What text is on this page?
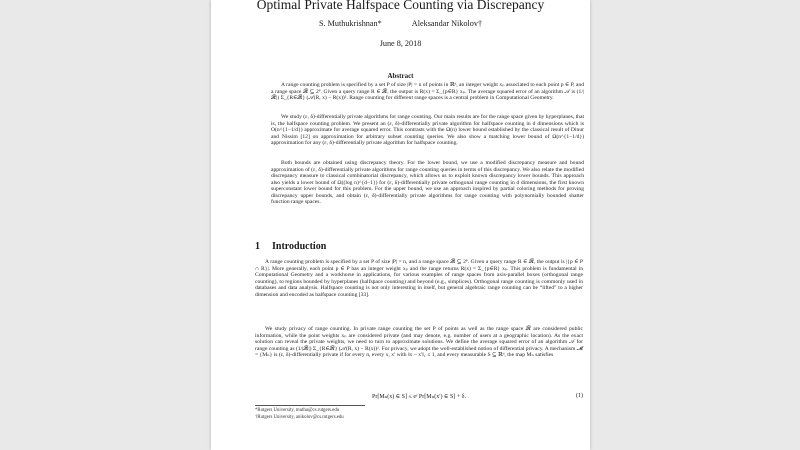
Optimal Private Halfspace Counting via Discrepancy
S. Muthukrishnan*	Aleksandar Nikolov†
June 8, 2018
Abstract
A range counting problem is specified by a set P of size |P| = n of points in ℝᵈ, an integer weight xₚ associated to each point p ∈ P, and a range space 𝓡 ⊆ 2ᴾ. Given a query range R ∈ 𝓡, the output is R(x) = Σ_{p∈R} xₚ. The average squared error of an algorithm 𝒜 is (1/|𝓡|) Σ_{R∈𝓡} (𝒜(R, x) − R(x))². Range counting for different range spaces is a central problem in Computational Geometry.
We study (ε, δ)-differentially private algorithms for range counting. Our main results are for the range space given by hyperplanes, that is, the halfspace counting problem. We present an (ε, δ)-differentially private algorithm for halfspace counting in d dimensions which is O(n^{1−1/d}) approximate for average squared error. This contrasts with the Ω(n) lower bound established by the classical result of Dinur and Nissim [12] on approximation for arbitrary subset counting queries. We also show a matching lower bound of Ω(n^{1−1/d}) approximation for any (ε, δ)-differentially private algorithm for halfspace counting.
Both bounds are obtained using discrepancy theory. For the lower bound, we use a modified discrepancy measure and bound approximation of (ε, δ)-differentially private algorithms for range counting queries in terms of this discrepancy. We also relate the modified discrepancy measure to classical combinatorial discrepancy, which allows us to exploit known discrepancy lower bounds. This approach also yields a lower bound of Ω((log n)^{d−1}) for (ε, δ)-differentially private orthogonal range counting in d dimensions, the first known superconstant lower bound for this problem. For the upper bound, we use an approach inspired by partial coloring methods for proving discrepancy upper bounds, and obtain (ε, δ)-differentially private algorithms for range counting with polynomially bounded shatter function range spaces.
1 Introduction
A range counting problem is specified by a set P of size |P| = n, and a range space 𝓡 ⊆ 2ᴾ. Given a query range R ∈ 𝓡, the output is |{p ∈ P ∩ R}|. More generally, each point p ∈ P has an integer weight xₚ and the range returns R(x) = Σ_{p∈R} xₚ. This problem is fundamental in Computational Geometry and a workhorse in applications, for various examples of range spaces from axis-parallel boxes (orthogonal range counting), to regions bounded by hyperplanes (halfspace counting) and beyond (e.g., simplices). Orthogonal range counting is commonly used in databases and data analysis. Halfspace counting is not only interesting in itself, but general algebraic range counting can be “lifted” to a higher dimension and encoded as halfspace counting [33].
We study privacy of range counting. In private range counting the set P of points as well as the range space 𝓡 are considered public information, while the point weights xₚ are considered private (and may denote, e.g. number of users at a geographic location). As the exact solution can reveal the private weights, we need to turn to approximate solutions. We define the average squared error of an algorithm 𝒜 for range counting as (1/|𝓡|) Σ_{R∈𝓡} (𝒜(R, x) − R(x))². For privacy, we adopt the well-established notion of differential privacy. A mechanism 𝓜 = {Mₙ} is (ε, δ)-differentially private if for every n, every x, x′ with ‖x − x′‖₁ ≤ 1, and every measurable S ⊆ ℝᵈ, the map Mₙ satisfies
Pr[Mₙ(x) ∈ S] ≤ eᵋ Pr[Mₙ(x′) ∈ S] + δ.	(1)
*Rutgers University, muthu@cs.rutgers.edu
†Rutgers University, anikolov@cs.rutgers.edu
